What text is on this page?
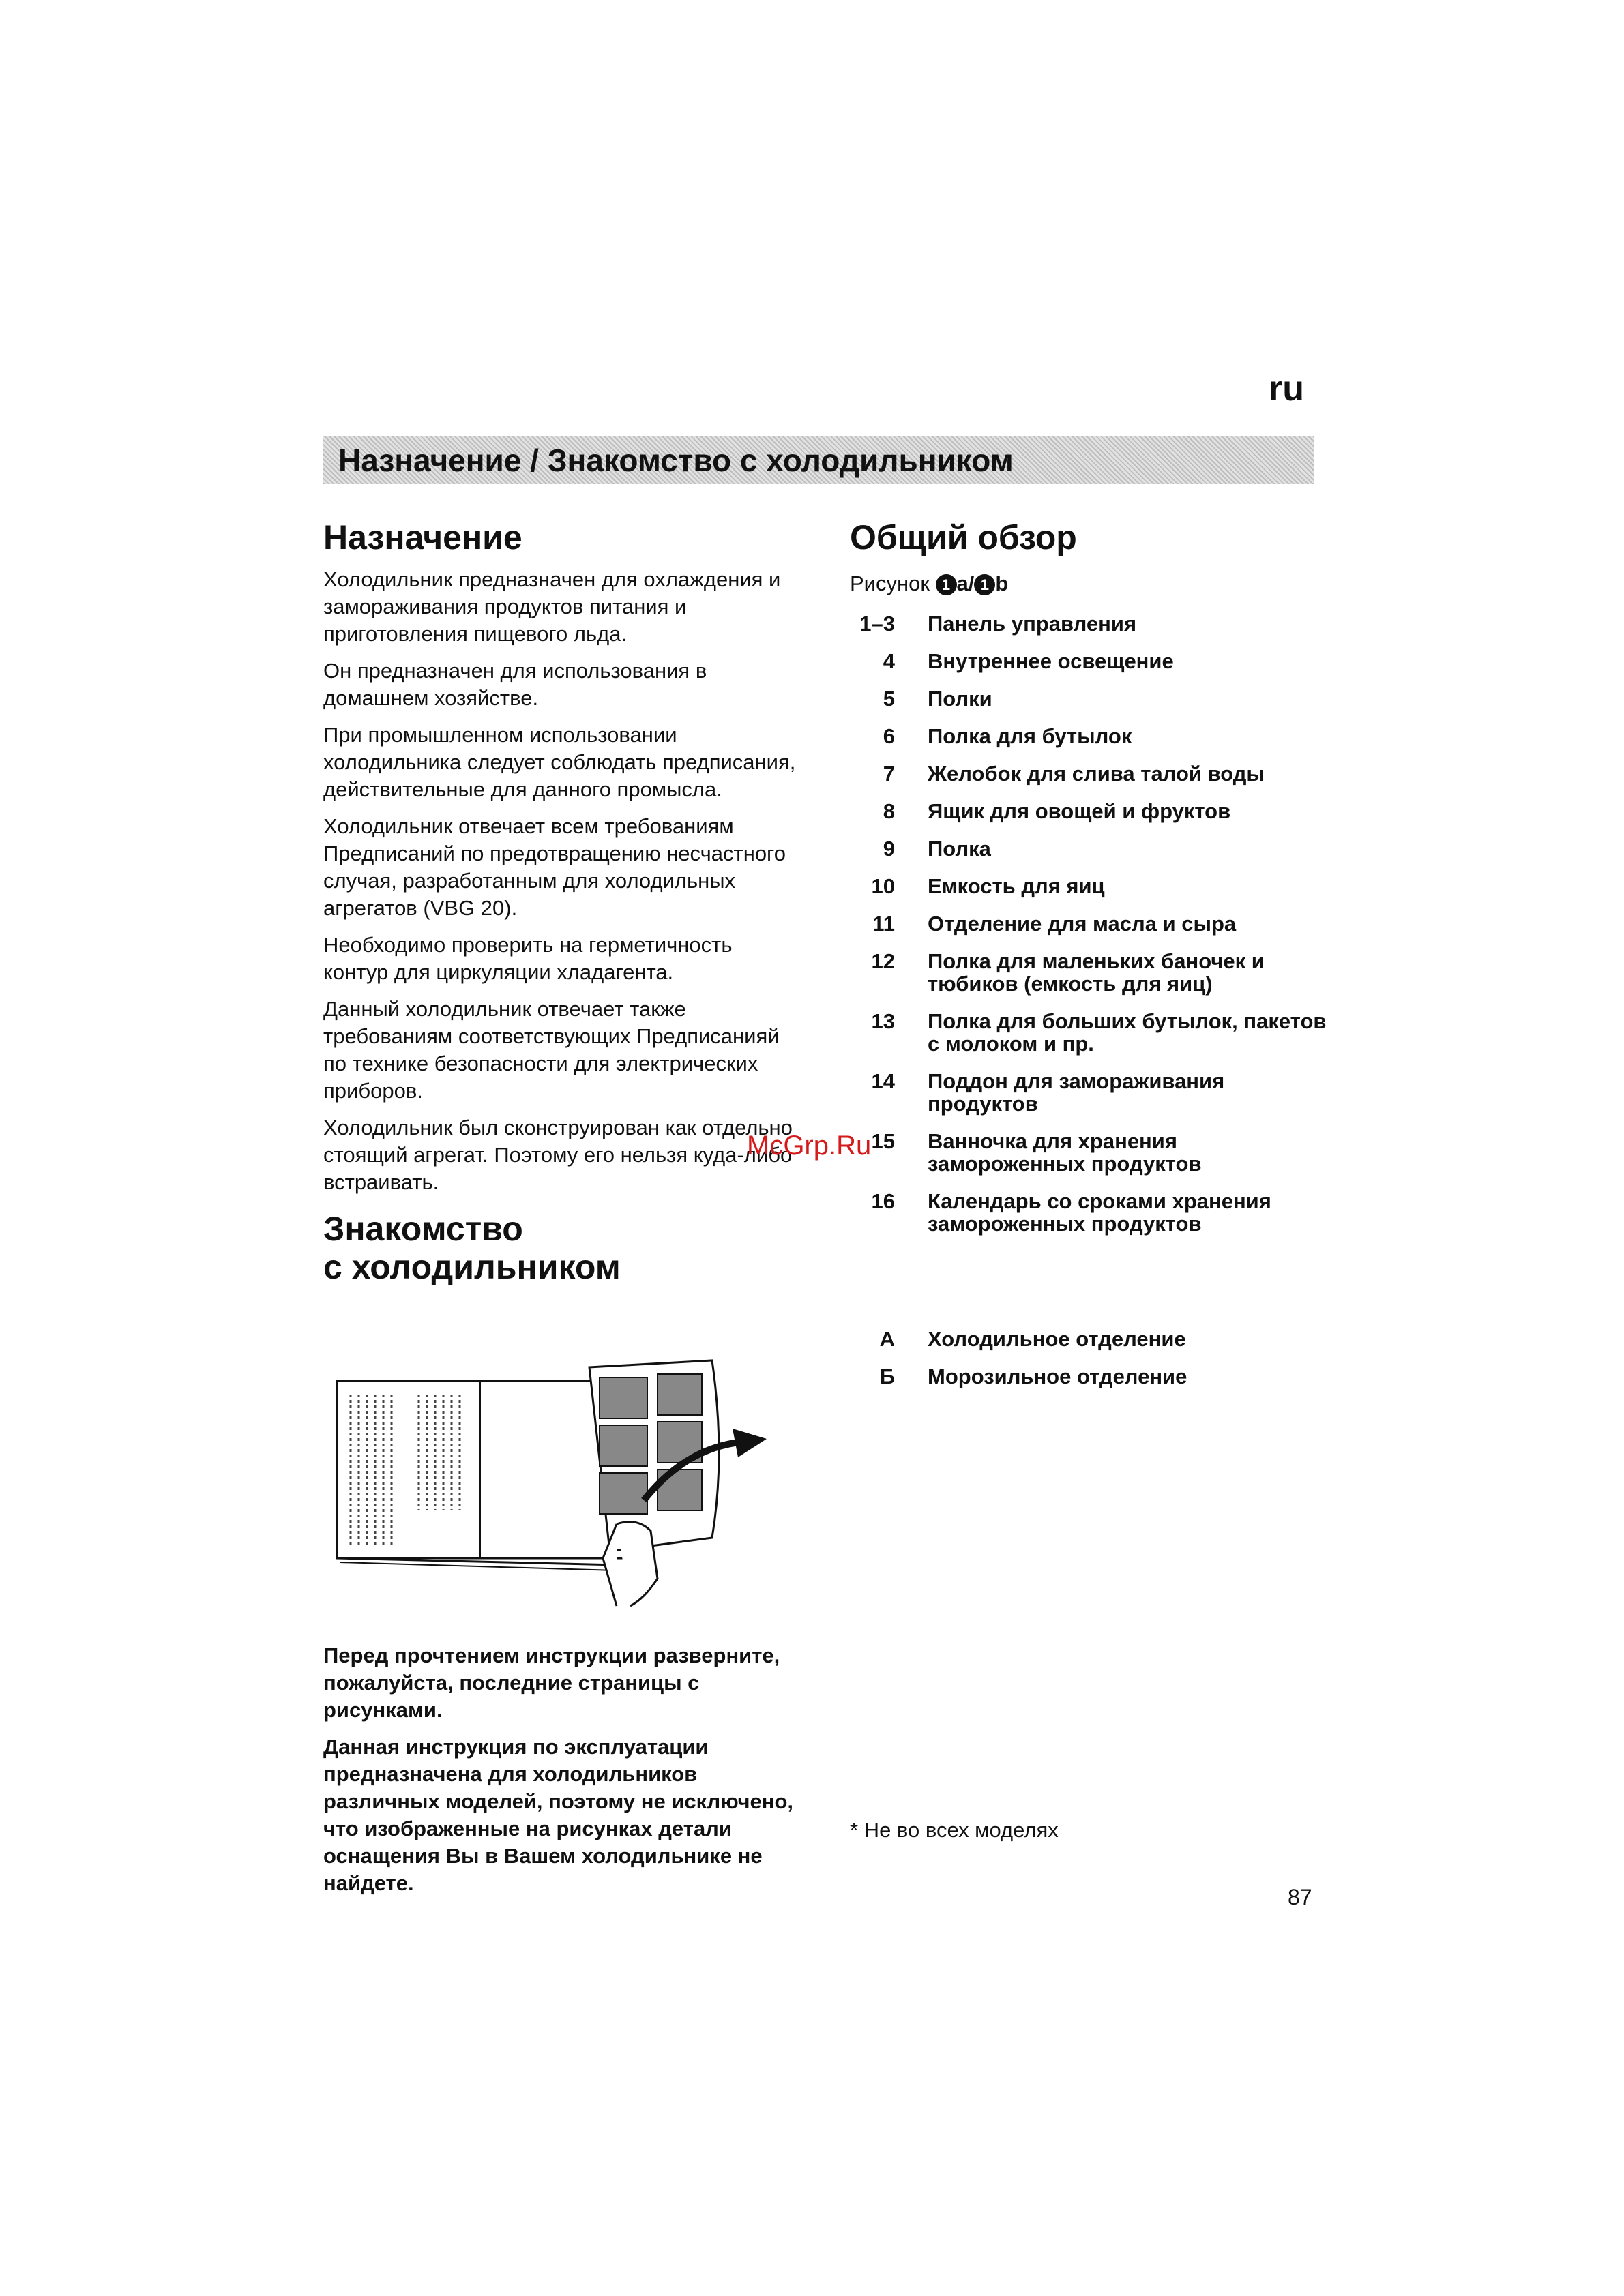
ru
Назначение / Знакомство с холодильником
Назначение

Холодильник предназначен для охлаждения и замораживания продуктов питания и приготовления пищевого льда.

Он предназначен для использования в домашнем хозяйстве.

При промышленном использовании холодильника следует соблюдать предписания, действительные для данного промысла.

Холодильник отвечает всем требованиям Предписаний по предотвращению несчастного случая, разработанным для холодильных агрегатов (VBG 20).

Необходимо проверить на герметичность контур для циркуляции хладагента.

Данный холодильник отвечает также требованиям соответствующих Предписанияй по технике безопасности для электрических приборов.

Холодильник был сконструирован как отдельно стоящий агрегат. Поэтому его нельзя куда-либо встраивать.

Знакомство
с холодильником

Перед прочтением инструкции разверните, пожалуйста, последние страницы с рисунками.

Данная инструкция по эксплуатации предназначена для холодильников различных моделей, поэтому не исключено, что изображенные на рисунках детали оснащения Вы в Вашем холодильнике не найдете.

Общий обзор

Рисунок 1 a/ 1 b

1–3 Панель управления
4 Внутреннее освещение
5 Полки
6 Полка для бутылок
7 Желобок для слива талой воды
8 Ящик для овощей и фруктов
9 Полка
10 Емкость для яиц
11 Отделение для масла и сыра
12 Полка для маленьких баночек и тюбиков (емкость для яиц)
13 Полка для больших бутылок, пакетов с молоком и пр.
14 Поддон для замораживания продуктов
15 Ванночка для хранения замороженных продуктов
16 Календарь со сроками хранения замороженных продуктов
А Холодильное отделение
Б Морозильное отделение
McGrp.Ru
* Не во всех моделях
87
